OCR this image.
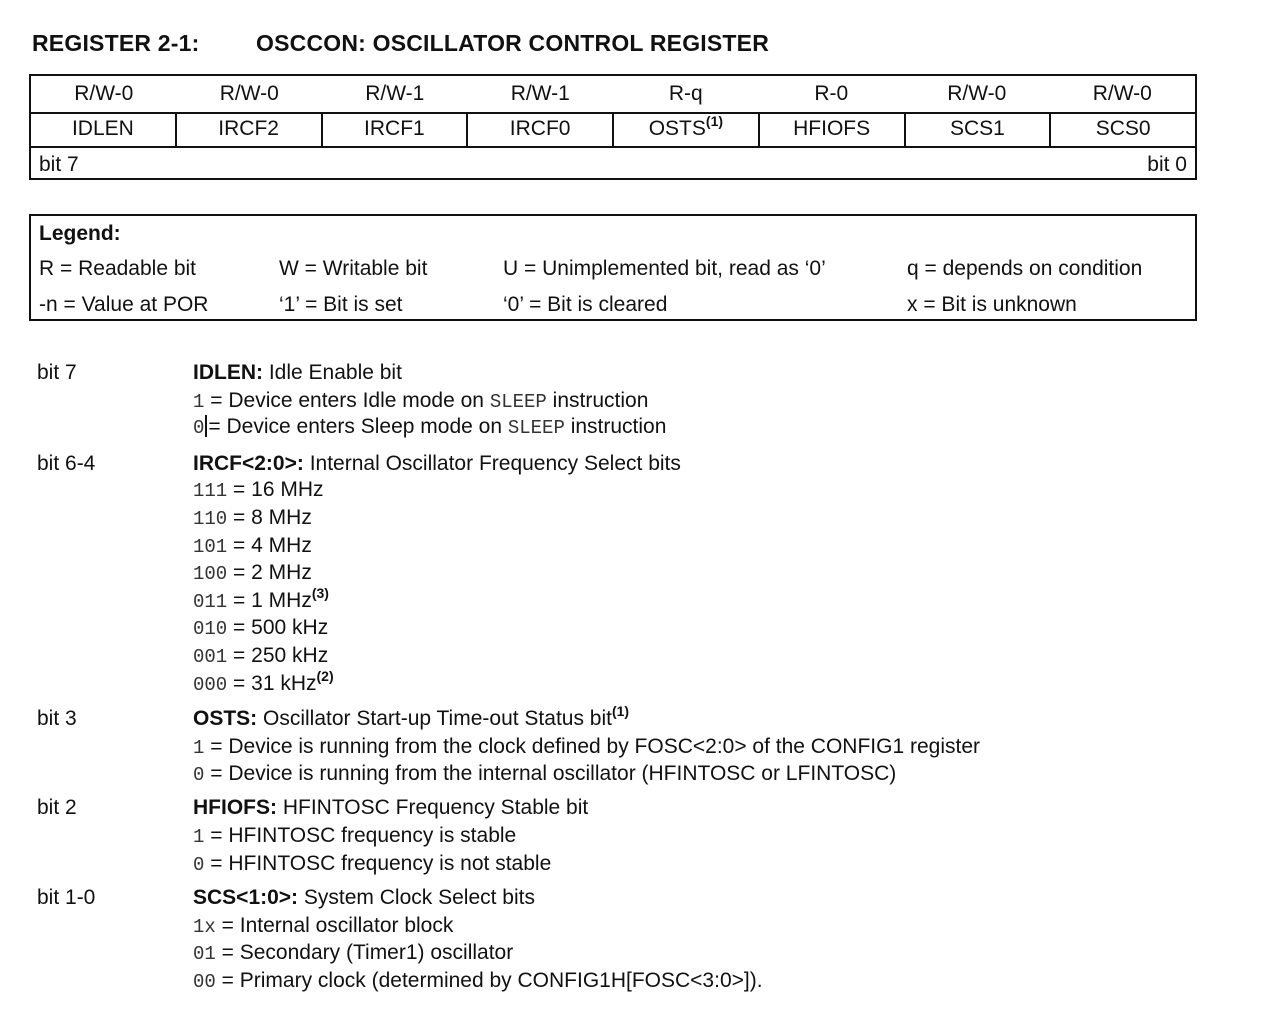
REGISTER 2-1: OSCCON: OSCILLATOR CONTROL REGISTER
R/W-0	R/W-0	R/W-1	R/W-1	R-q	R-0	R/W-0	R/W-0
IDLEN	IRCF2	IRCF1	IRCF0	OSTS$^{(1)}$	HFIOFS	SCS1	SCS0
bit 7	bit 0
Legend:
R = Readable bit	W = Writable bit	U = Unimplemented bit, read as ‘0’	q = depends on condition
-n = Value at POR	‘1’ = Bit is set	‘0’ = Bit is cleared	x = Bit is unknown
bit 7	IDLEN: Idle Enable bit
1 = Device enters Idle mode on SLEEP instruction
0 = Device enters Sleep mode on SLEEP instruction
bit 6-4	IRCF<2:0>: Internal Oscillator Frequency Select bits
111 = 16 MHz
110 = 8 MHz
101 = 4 MHz
100 = 2 MHz
011 = 1 MHz$^{(3)}$
010 = 500 kHz
001 = 250 kHz
000 = 31 kHz$^{(2)}$
bit 3	OSTS: Oscillator Start-up Time-out Status bit$^{(1)}$
1 = Device is running from the clock defined by FOSC<2:0> of the CONFIG1 register
0 = Device is running from the internal oscillator (HFINTOSC or LFINTOSC)
bit 2	HFIOFS: HFINTOSC Frequency Stable bit
1 = HFINTOSC frequency is stable
0 = HFINTOSC frequency is not stable
bit 1-0	SCS<1:0>: System Clock Select bits
1x = Internal oscillator block
01 = Secondary (Timer1) oscillator
00 = Primary clock (determined by CONFIG1H[FOSC<3:0>]).
